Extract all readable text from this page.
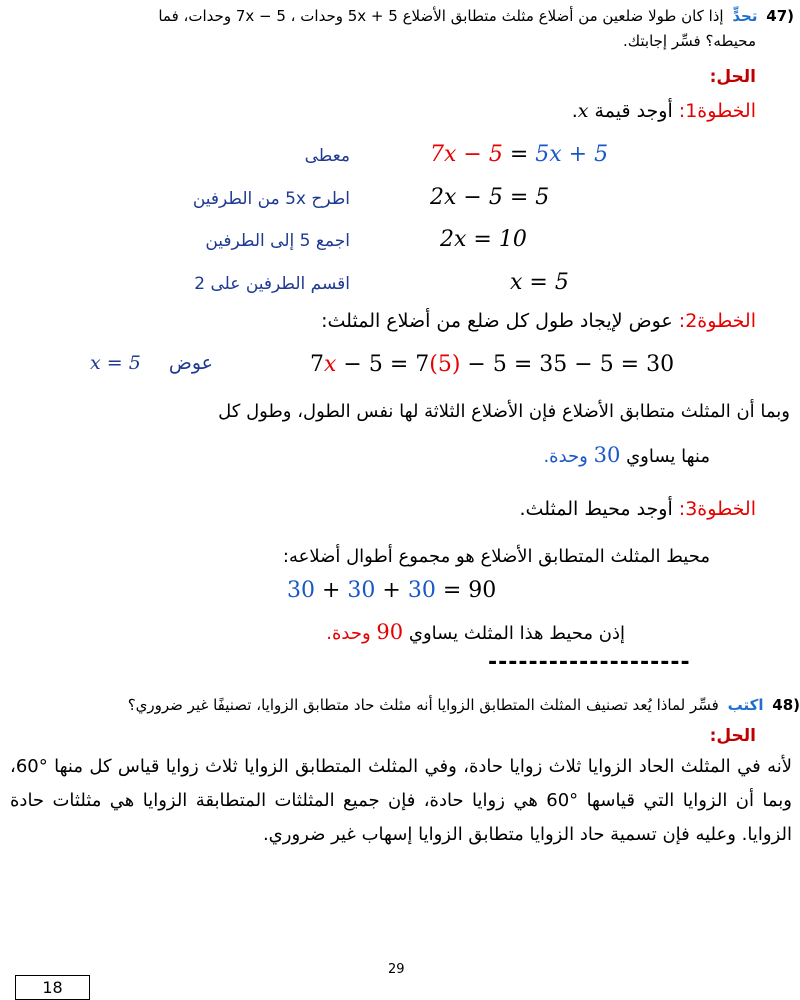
47) تحدٍّ إذا كان طولا ضلعين من أضلاع مثلث متطابق الأضلاع 5 + 5x وحدات ، 5 − 7x وحدات، فما
محيطه؟ فسِّر إجابتك.
الحل:
الخطوة1: أوجد قيمة x.
7x − 5 = 5x + 5
معطى
2x − 5 = 5
اطرح 5x من الطرفين
2x = 10
اجمع 5 إلى الطرفين
x = 5
اقسم الطرفين على 2
الخطوة2: عوض لإيجاد طول كل ضلع من أضلاع المثلث:
7x − 5 = 7(5) − 5 = 35 − 5 = 30
x = 5 عوض
وبما أن المثلث متطابق الأضلاع فإن الأضلاع الثلاثة لها نفس الطول، وطول كل
منها يساوي 30 وحدة.
الخطوة3: أوجد محيط المثلث.
محيط المثلث المتطابق الأضلاع هو مجموع أطوال أضلاعه:
30 + 30 + 30 = 90
إذن محيط هذا المثلث يساوي 90 وحدة.
--------------------
48) اكتب فسِّر لماذا يُعد تصنيف المثلث المتطابق الزوايا أنه مثلث حاد متطابق الزوايا، تصنيفًا غير ضروري؟
الحل:
لأنه في المثلث الحاد الزوايا ثلاث زوايا حادة، وفي المثلث المتطابق الزوايا ثلاث زوايا قياس كل منها °60، وبما أن الزوايا التي قياسها °60 هي زوايا حادة، فإن جميع المثلثات المتطابقة الزوايا هي مثلثات حادة الزوايا. وعليه فإن تسمية حاد الزوايا متطابق الزوايا إسهاب غير ضروري.
29
18
